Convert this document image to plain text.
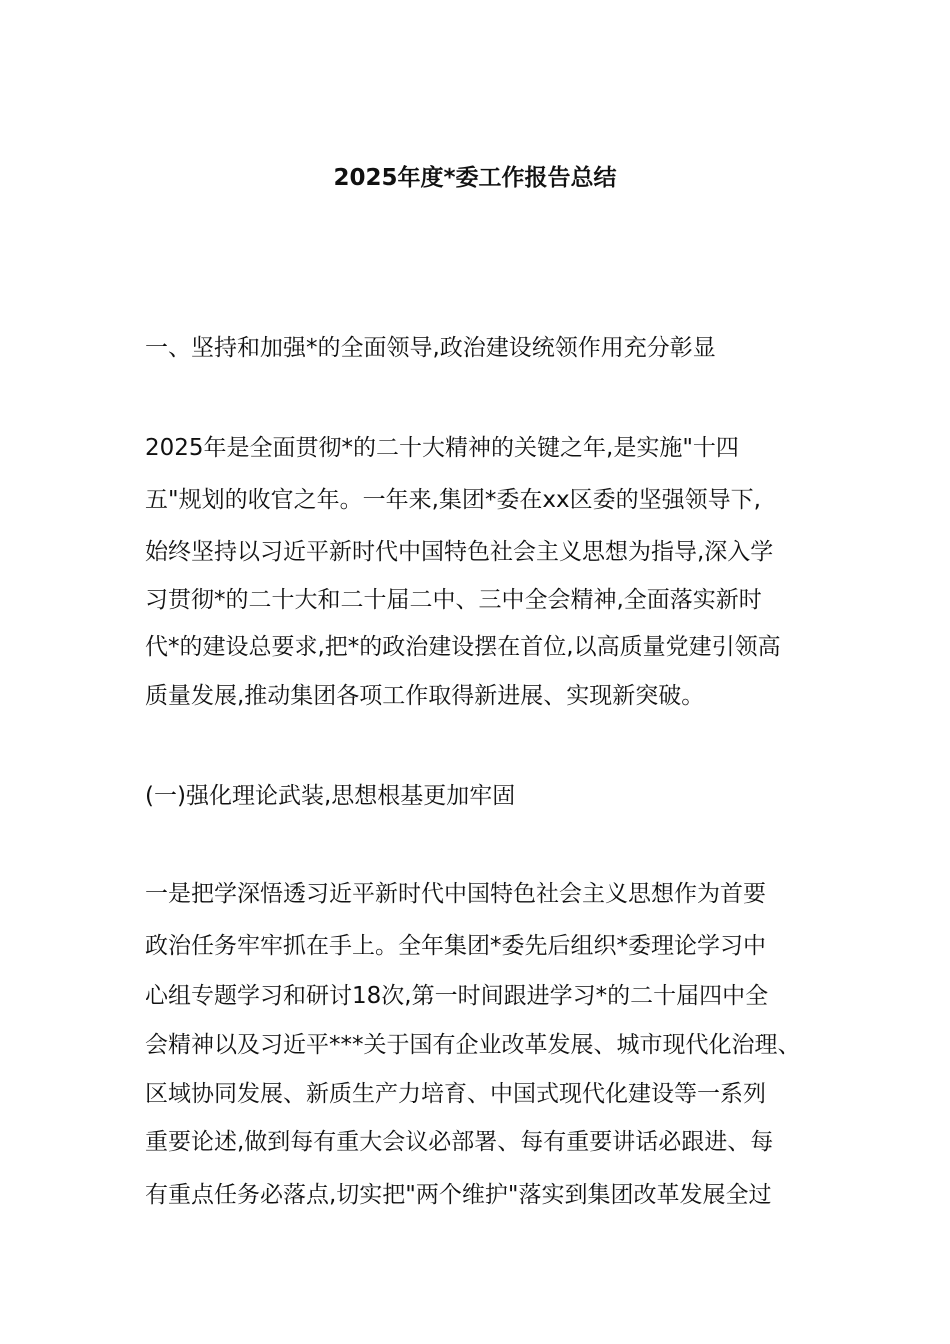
2025年度*委工作报告总结

一、坚持和加强*的全面领导,政治建设统领作用充分彰显

2025年是全面贯彻*的二十大精神的关键之年,是实施"十四

五"规划的收官之年。一年来,集团*委在xx区委的坚强领导下,

始终坚持以习近平新时代中国特色社会主义思想为指导,深入学

习贯彻*的二十大和二十届二中、三中全会精神,全面落实新时

代*的建设总要求,把*的政治建设摆在首位,以高质量党建引领高

质量发展,推动集团各项工作取得新进展、实现新突破。

(一)强化理论武装,思想根基更加牢固

一是把学深悟透习近平新时代中国特色社会主义思想作为首要

政治任务牢牢抓在手上。全年集团*委先后组织*委理论学习中

心组专题学习和研讨18次,第一时间跟进学习*的二十届四中全

会精神以及习近平***关于国有企业改革发展、城市现代化治理、

区域协同发展、新质生产力培育、中国式现代化建设等一系列

重要论述,做到每有重大会议必部署、每有重要讲话必跟进、每

有重点任务必落点,切实把"两个维护"落实到集团改革发展全过
